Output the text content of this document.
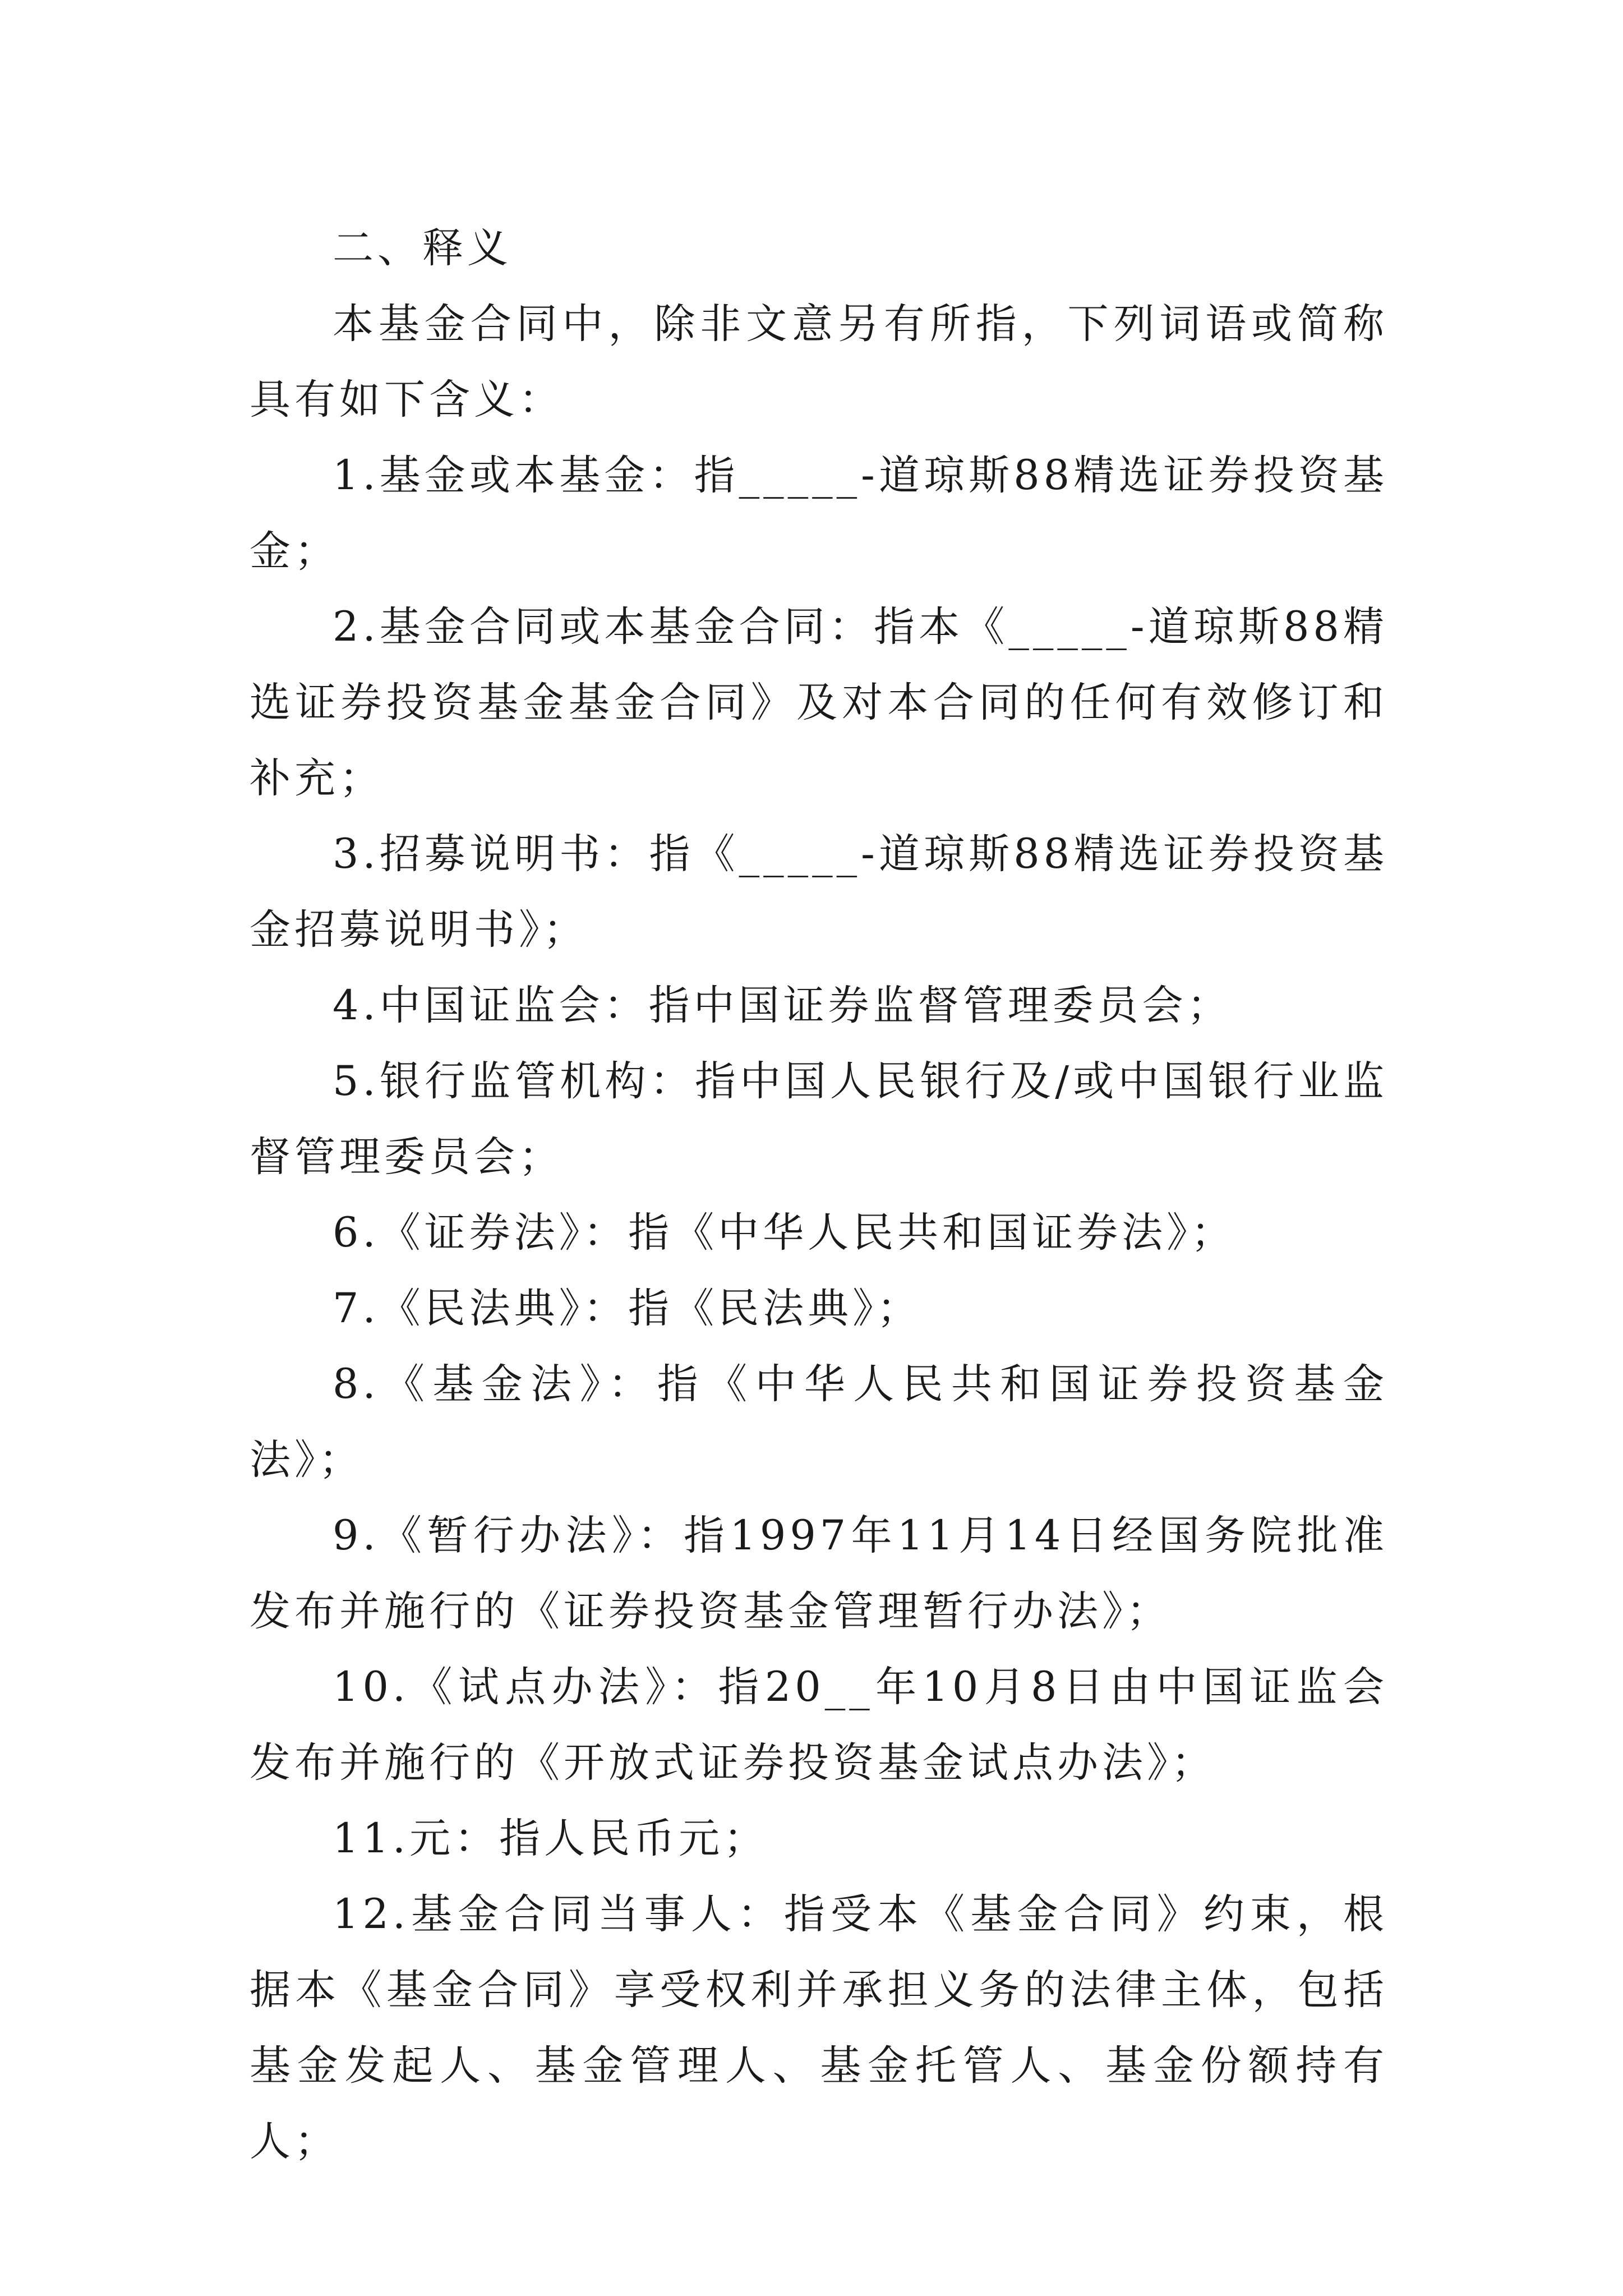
二、释义

本基金合同中，除非文意另有所指，下列词语或简称具有如下含义：

1.基金或本基金：指_____-道琼斯88精选证券投资基金；

2.基金合同或本基金合同：指本《_____-道琼斯88精选证券投资基金基金合同》及对本合同的任何有效修订和补充；

3.招募说明书：指《_____-道琼斯88精选证券投资基金招募说明书》；

4.中国证监会：指中国证券监督管理委员会；

5.银行监管机构：指中国人民银行及/或中国银行业监督管理委员会；

6.《证券法》：指《中华人民共和国证券法》；

7.《民法典》：指《民法典》；

8.《基金法》：指《中华人民共和国证券投资基金法》；

9.《暂行办法》：指1997年11月14日经国务院批准发布并施行的《证券投资基金管理暂行办法》；

10.《试点办法》：指20__年10月8日由中国证监会发布并施行的《开放式证券投资基金试点办法》；

11.元：指人民币元；

12.基金合同当事人：指受本《基金合同》约束，根据本《基金合同》享受权利并承担义务的法律主体，包括基金发起人、基金管理人、基金托管人、基金份额持有人；
